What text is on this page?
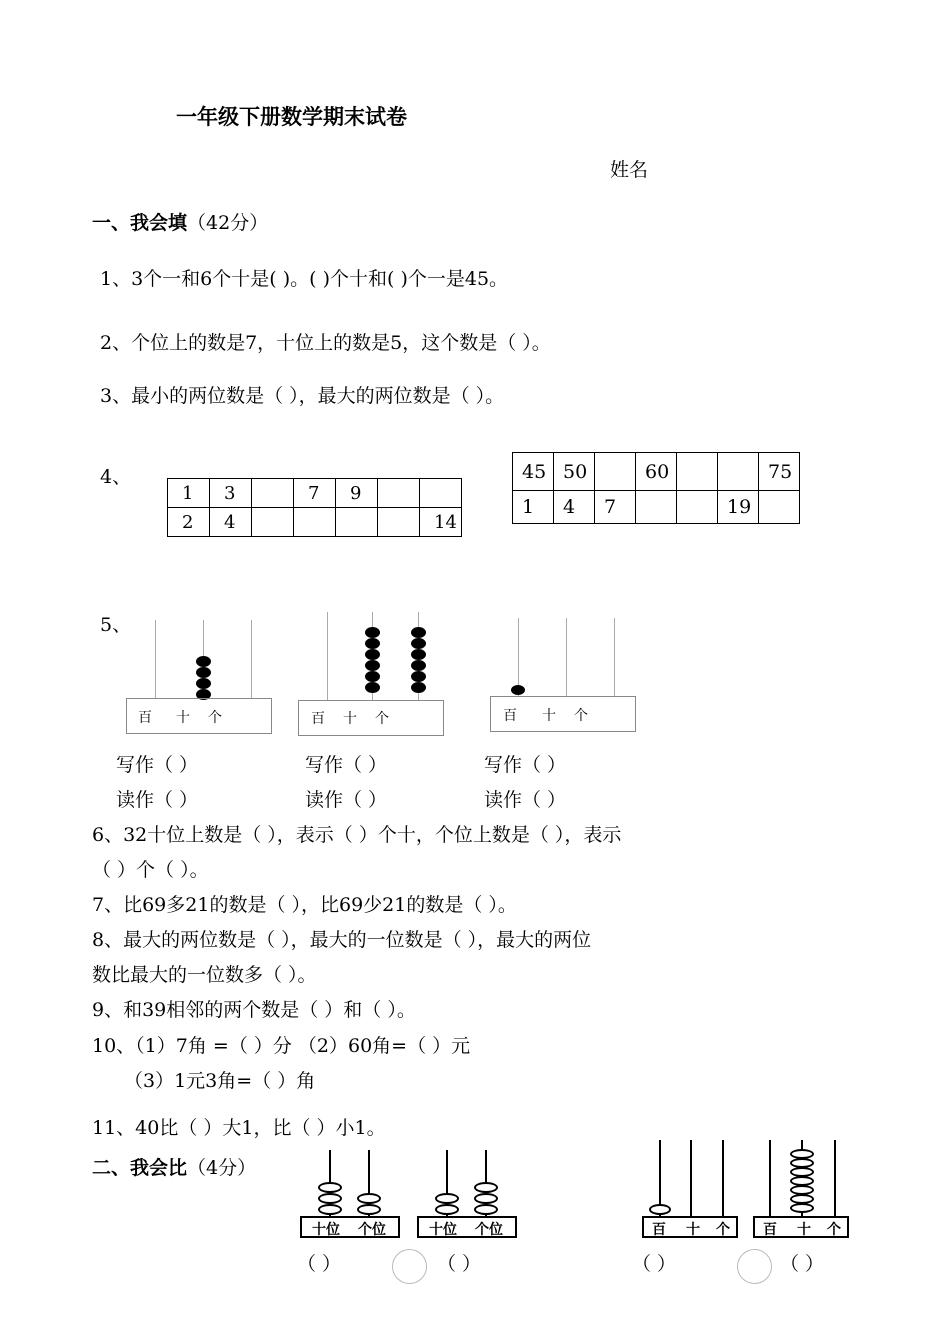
一年级下册数学期末试卷
姓名
一、我会填（42分）
1、3个一和6个十是( )。( )个十和( )个一是45。
2、个位上的数是7，十位上的数是5，这个数是（ ）。
3、最小的两位数是（ ），最大的两位数是（ ）。
4、
1	3		7	9		
2	4					14
45	50		60			75
1	4	7			19	
5、
百 十 个	百 十 个	百 十 个
写作（ ）	写作（ ）	写作（ ）
读作（ ）	读作（ ）	读作（ ）
6、32十位上数是（ ），表示（ ）个十，个位上数是（ ），表示
（ ）个（ ）。
7、比69多21的数是（ ），比69少21的数是（ ）。
8、最大的两位数是（ ），最大的一位数是（ ），最大的两位
数比最大的一位数多（ ）。
9、和39相邻的两个数是（ ）和（ ）。
10、（1）7角 =（ ）分 （2）60角=（ ）元
（3）1元3角=（ ）角
11、40比（ ）大1，比（ ）小1。
二、我会比（4分）
十位 个位	十位 个位
（ ）	（ ）
百 十 个 百 十 个
（ ）	（ ）
